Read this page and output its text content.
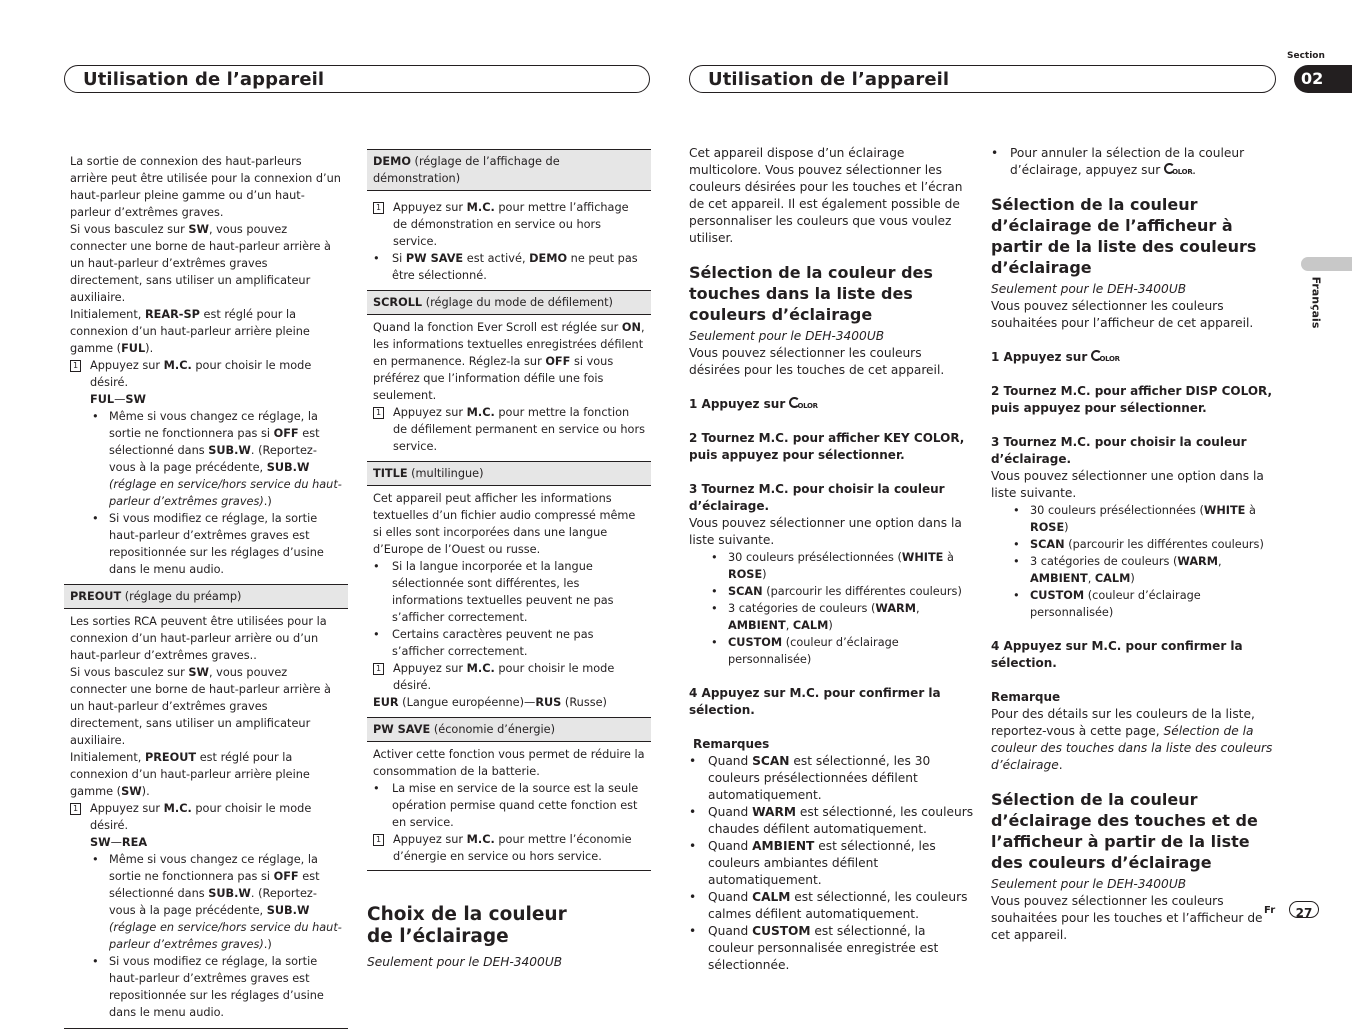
Utilisation de l’appareil	Utilisation de l’appareil
Section
02
Français
Fr	27

La sortie de connexion des haut-parleurs arrière peut être utilisée pour la connexion d’un haut-parleur pleine gamme ou d’un haut-parleur d’extrêmes graves.

Si vous basculez sur SW, vous pouvez connecter une borne de haut-parleur arrière à un haut-parleur d’extrêmes graves directement, sans utiliser un amplificateur auxiliaire.

Initialement, REAR-SP est réglé pour la connexion d’un haut-parleur arrière pleine gamme (FUL).

1 Appuyez sur M.C. pour choisir le mode désiré.
FUL—SW
• Même si vous changez ce réglage, la sortie ne fonctionnera pas si OFF est sélectionné dans SUB.W. (Reportez-vous à la page précédente, SUB.W (réglage en service/hors service du haut-parleur d’extrêmes graves).)
• Si vous modifiez ce réglage, la sortie haut-parleur d’extrêmes graves est repositionnée sur les réglages d’usine dans le menu audio.
PREOUT (réglage du préamp)

Les sorties RCA peuvent être utilisées pour la connexion d’un haut-parleur arrière ou d’un haut-parleur d’extrêmes graves..

Si vous basculez sur SW, vous pouvez connecter une borne de haut-parleur arrière à un haut-parleur d’extrêmes graves directement, sans utiliser un amplificateur auxiliaire.

Initialement, PREOUT est réglé pour la connexion d’un haut-parleur arrière pleine gamme (SW).

1 Appuyez sur M.C. pour choisir le mode désiré.
SW—REA
• Même si vous changez ce réglage, la sortie ne fonctionnera pas si OFF est sélectionné dans SUB.W. (Reportez-vous à la page précédente, SUB.W (réglage en service/hors service du haut-parleur d’extrêmes graves).)
• Si vous modifiez ce réglage, la sortie haut-parleur d’extrêmes graves est repositionnée sur les réglages d’usine dans le menu audio.
DEMO (réglage de l’affichage de démonstration)
1 Appuyez sur M.C. pour mettre l’affichage de démonstration en service ou hors service.
•	Si PW SAVE est activé, DEMO ne peut pas être sélectionné.
SCROLL (réglage du mode de défilement)

Quand la fonction Ever Scroll est réglée sur ON, les informations textuelles enregistrées défilent en permanence. Réglez-la sur OFF si vous préférez que l’information défile une fois seulement.

1 Appuyez sur M.C. pour mettre la fonction de défilement permanent en service ou hors service.
TITLE (multilingue)

Cet appareil peut afficher les informations textuelles d’un fichier audio compressé même si elles sont incorporées dans une langue d’Europe de l’Ouest ou russe.

•	Si la langue incorporée et la langue sélectionnée sont différentes, les informations textuelles peuvent ne pas s’afficher correctement.
•	Certains caractères peuvent ne pas s’afficher correctement.
1 Appuyez sur M.C. pour choisir le mode désiré.
EUR (Langue européenne)—RUS (Russe)
PW SAVE (économie d’énergie)

Activer cette fonction vous permet de réduire la consommation de la batterie.

•	La mise en service de la source est la seule opération permise quand cette fonction est en service.
1 Appuyez sur M.C. pour mettre l’économie d’énergie en service ou hors service.

Choix de la couleur de l’éclairage

Seulement pour le DEH-3400UB

Cet appareil dispose d’un éclairage multicolore. Vous pouvez sélectionner les couleurs désirées pour les touches et l’écran de cet appareil. Il est également possible de personnaliser les couleurs que vous voulez utiliser.

Sélection de la couleur des touches dans la liste des couleurs d’éclairage

Seulement pour le DEH-3400UB

Vous pouvez sélectionner les couleurs désirées pour les touches de cet appareil.

1 Appuyez sur OLOR

2 Tournez M.C. pour afficher KEY COLOR, puis appuyez pour sélectionner.

3 Tournez M.C. pour choisir la couleur d’éclairage.

Vous pouvez sélectionner une option dans la liste suivante.

• 30 couleurs présélectionnées (WHITE à ROSE)
• SCAN (parcourir les différentes couleurs)
• 3 catégories de couleurs (WARM, AMBIENT, CALM)
• CUSTOM (couleur d’éclairage personnalisée)

4 Appuyez sur M.C. pour confirmer la sélection.

Remarques

• Quand SCAN est sélectionné, les 30 couleurs présélectionnées défilent automatiquement.
• Quand WARM est sélectionné, les couleurs chaudes défilent automatiquement.
• Quand AMBIENT est sélectionné, les couleurs ambiantes défilent automatiquement.
• Quand CALM est sélectionné, les couleurs calmes défilent automatiquement.
• Quand CUSTOM est sélectionné, la couleur personnalisée enregistrée est sélectionnée.
• Pour annuler la sélection de la couleur d’éclairage, appuyez sur OLOR .

Sélection de la couleur d’éclairage de l’afficheur à partir de la liste des couleurs d’éclairage

Seulement pour le DEH-3400UB

Vous pouvez sélectionner les couleurs souhaitées pour l’afficheur de cet appareil.

1 Appuyez sur OLOR

2 Tournez M.C. pour afficher DISP COLOR, puis appuyez pour sélectionner.

3 Tournez M.C. pour choisir la couleur d’éclairage.

Vous pouvez sélectionner une option dans la liste suivante.

• 30 couleurs présélectionnées (WHITE à ROSE)
• SCAN (parcourir les différentes couleurs)
• 3 catégories de couleurs (WARM, AMBIENT, CALM)
• CUSTOM (couleur d’éclairage personnalisée)

4 Appuyez sur M.C. pour confirmer la sélection.

Remarque

Pour des détails sur les couleurs de la liste, reportez-vous à cette page, Sélection de la couleur des touches dans la liste des couleurs d’éclairage.

Sélection de la couleur d’éclairage des touches et de l’afficheur à partir de la liste des couleurs d’éclairage

Seulement pour le DEH-3400UB

Vous pouvez sélectionner les couleurs souhaitées pour les touches et l’afficheur de cet appareil.
